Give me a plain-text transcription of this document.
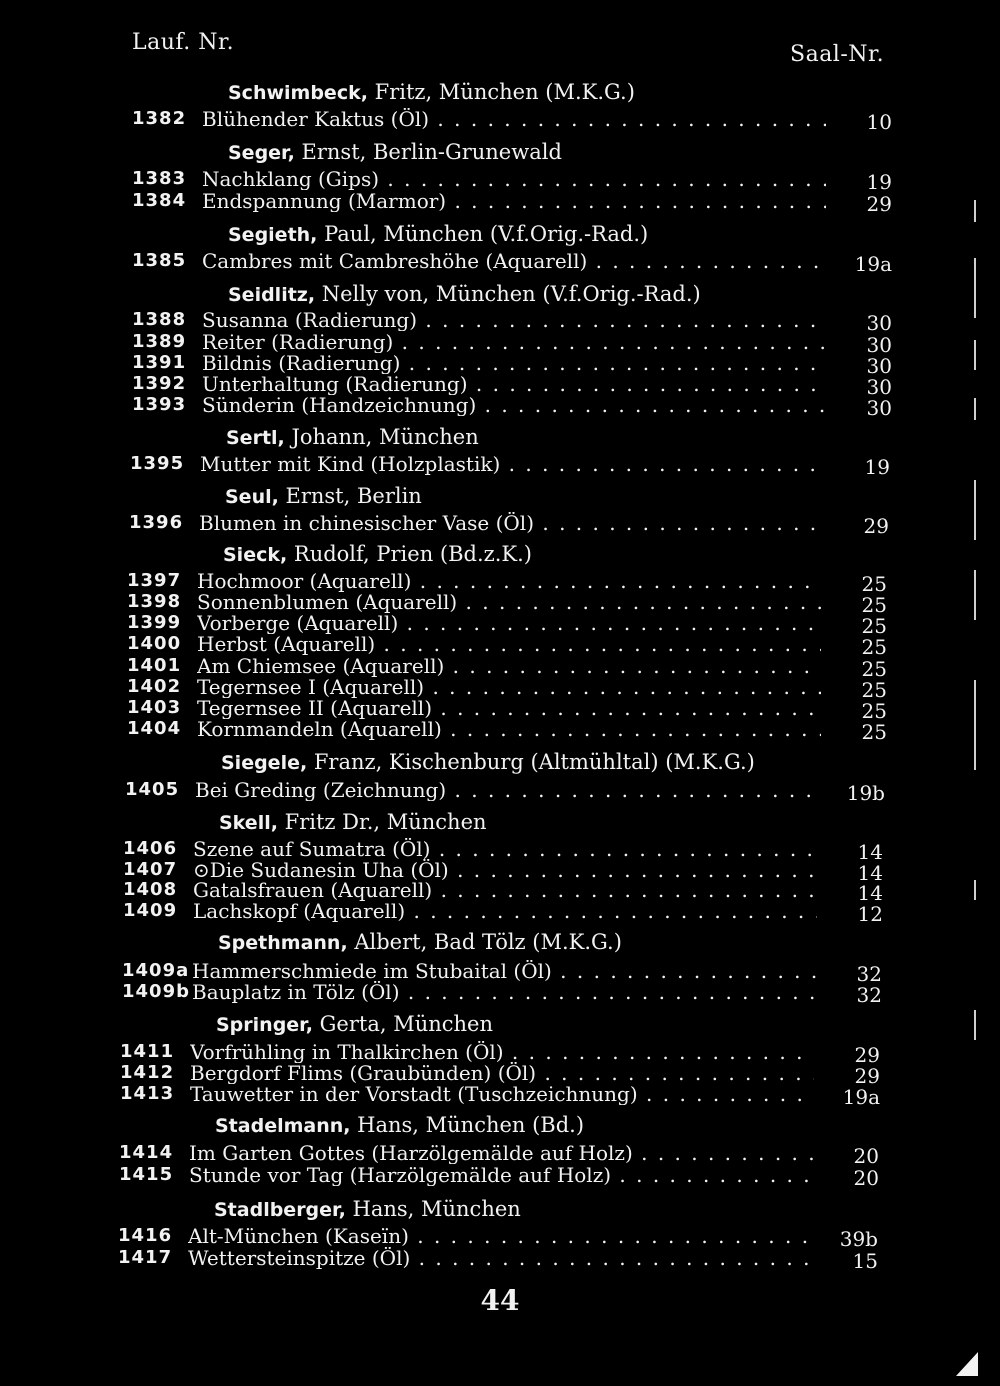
Lauf. Nr.	Saal-Nr.
Schwimbeck, Fritz, München (M.K.G.)
1382 Blühender Kaktus (Öl) . . .	10
Seger, Ernst, Berlin-Grunewald
1383 Nachklang (Gips) . . .	19
1384 Endspannung (Marmor) . . .	29
Segieth, Paul, München (V.f.Orig.-Rad.)
1385 Cambres mit Cambreshöhe (Aquarell) . . .	19a
Seidlitz, Nelly von, München (V.f.Orig.-Rad.)
1388 Susanna (Radierung) . . .	30
1389 Reiter (Radierung) . . .	30
1391 Bildnis (Radierung) . . .	30
1392 Unterhaltung (Radierung) . . .	30
1393 Sünderin (Handzeichnung) . . .	30
Sertl, Johann, München
1395 Mutter mit Kind (Holzplastik) . . .	19
Seul, Ernst, Berlin
1396 Blumen in chinesischer Vase (Öl) . . .	29
Sieck, Rudolf, Prien (Bd.z.K.)
1397 Hochmoor (Aquarell) . . .	25
1398 Sonnenblumen (Aquarell) . . .	25
1399 Vorberge (Aquarell) . . .	25
1400 Herbst (Aquarell) . . .	25
1401 Am Chiemsee (Aquarell) . . .	25
1402 Tegernsee I (Aquarell) . . .	25
1403 Tegernsee II (Aquarell) . . .	25
1404 Kornmandeln (Aquarell) . . .	25
Siegele, Franz, Kischenburg (Altmühltal) (M.K.G.)
1405 Bei Greding (Zeichnung) . . .	19b
Skell, Fritz Dr., München
1406 Szene auf Sumatra (Öl) . . .	14
1407 ⊙Die Sudanesin Uha (Öl) . . .	14
1408 Gatalsfrauen (Aquarell) . . .	14
1409 Lachskopf (Aquarell) . . .	12
Spethmann, Albert, Bad Tölz (M.K.G.)
1409a Hammerschmiede im Stubaital (Öl) . . .	32
1409b Bauplatz in Tölz (Öl) . . .	32
Springer, Gerta, München
1411 Vorfrühling in Thalkirchen (Öl) . . .	29
1412 Bergdorf Flims (Graubünden) (Öl) . . .	29
1413 Tauwetter in der Vorstadt (Tuschzeichnung) . . .	19a
Stadelmann, Hans, München (Bd.)
1414 Im Garten Gottes (Harzölgemälde auf Holz) . . .	20
1415 Stunde vor Tag (Harzölgemälde auf Holz) . . .	20
Stadlberger, Hans, München
1416 Alt-München (Kaseïn) . . .	39b
1417 Wettersteinspitze (Öl) . . .	15
44
